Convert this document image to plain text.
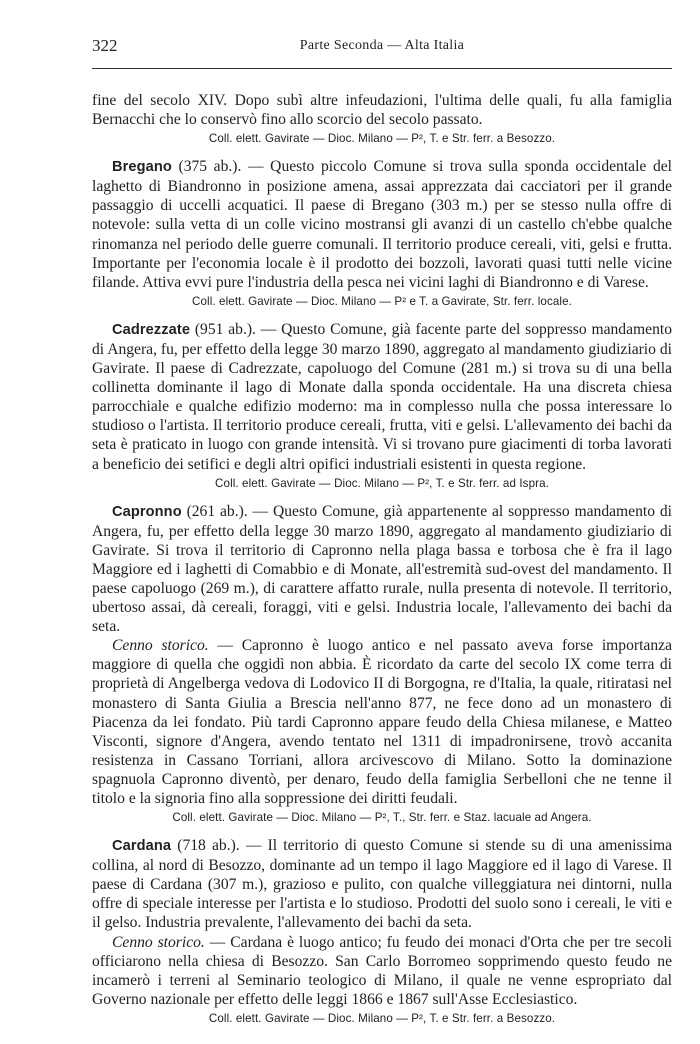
322	Parte Seconda — Alta Italia

fine del secolo XIV. Dopo subì altre infeudazioni, l'ultima delle quali, fu alla famiglia Bernacchi che lo conservò fino allo scorcio del secolo passato.

Coll. elett. Gavirate — Dioc. Milano — P², T. e Str. ferr. a Besozzo.

Bregano (375 ab.). — Questo piccolo Comune si trova sulla sponda occidentale del laghetto di Biandronno in posizione amena, assai apprezzata dai cacciatori per il grande passaggio di uccelli acquatici. Il paese di Bregano (303 m.) per se stesso nulla offre di notevole: sulla vetta di un colle vicino mostransi gli avanzi di un castello ch'ebbe qualche rinomanza nel periodo delle guerre comunali. Il territorio produce cereali, viti, gelsi e frutta. Importante per l'economia locale è il prodotto dei bozzoli, lavorati quasi tutti nelle vicine filande. Attiva evvi pure l'industria della pesca nei vicini laghi di Biandronno e di Varese.

Coll. elett. Gavirate — Dioc. Milano — P² e T. a Gavirate, Str. ferr. locale.

Cadrezzate (951 ab.). — Questo Comune, già facente parte del soppresso mandamento di Angera, fu, per effetto della legge 30 marzo 1890, aggregato al mandamento giudiziario di Gavirate. Il paese di Cadrezzate, capoluogo del Comune (281 m.) si trova su di una bella collinetta dominante il lago di Monate dalla sponda occidentale. Ha una discreta chiesa parrocchiale e qualche edifizio moderno: ma in complesso nulla che possa interessare lo studioso o l'artista. Il territorio produce cereali, frutta, viti e gelsi. L'allevamento dei bachi da seta è praticato in luogo con grande intensità. Vi si trovano pure giacimenti di torba lavorati a beneficio dei setifici e degli altri opifici industriali esistenti in questa regione.

Coll. elett. Gavirate — Dioc. Milano — P², T. e Str. ferr. ad Ispra.

Capronno (261 ab.). — Questo Comune, già appartenente al soppresso mandamento di Angera, fu, per effetto della legge 30 marzo 1890, aggregato al mandamento giudiziario di Gavirate. Si trova il territorio di Capronno nella plaga bassa e torbosa che è fra il lago Maggiore ed i laghetti di Comabbio e di Monate, all'estremità sud-ovest del mandamento. Il paese capoluogo (269 m.), di carattere affatto rurale, nulla presenta di notevole. Il territorio, ubertoso assai, dà cereali, foraggi, viti e gelsi. Industria locale, l'allevamento dei bachi da seta.

Cenno storico. — Capronno è luogo antico e nel passato aveva forse importanza maggiore di quella che oggidì non abbia. È ricordato da carte del secolo IX come terra di proprietà di Angelberga vedova di Lodovico II di Borgogna, re d'Italia, la quale, ritiratasi nel monastero di Santa Giulia a Brescia nell'anno 877, ne fece dono ad un monastero di Piacenza da lei fondato. Più tardi Capronno appare feudo della Chiesa milanese, e Matteo Visconti, signore d'Angera, avendo tentato nel 1311 di impadronirsene, trovò accanita resistenza in Cassano Torriani, allora arcivescovo di Milano. Sotto la dominazione spagnuola Capronno diventò, per denaro, feudo della famiglia Serbelloni che ne tenne il titolo e la signoria fino alla soppressione dei diritti feudali.

Coll. elett. Gavirate — Dioc. Milano — P², T., Str. ferr. e Staz. lacuale ad Angera.

Cardana (718 ab.). — Il territorio di questo Comune si stende su di una amenissima collina, al nord di Besozzo, dominante ad un tempo il lago Maggiore ed il lago di Varese. Il paese di Cardana (307 m.), grazioso e pulito, con qualche villeggiatura nei dintorni, nulla offre di speciale interesse per l'artista e lo studioso. Prodotti del suolo sono i cereali, le viti e il gelso. Industria prevalente, l'allevamento dei bachi da seta.

Cenno storico. — Cardana è luogo antico; fu feudo dei monaci d'Orta che per tre secoli officiarono nella chiesa di Besozzo. San Carlo Borromeo sopprimendo questo feudo ne incamerò i terreni al Seminario teologico di Milano, il quale ne venne espropriato dal Governo nazionale per effetto delle leggi 1866 e 1867 sull'Asse Ecclesiastico.

Coll. elett. Gavirate — Dioc. Milano — P², T. e Str. ferr. a Besozzo.
